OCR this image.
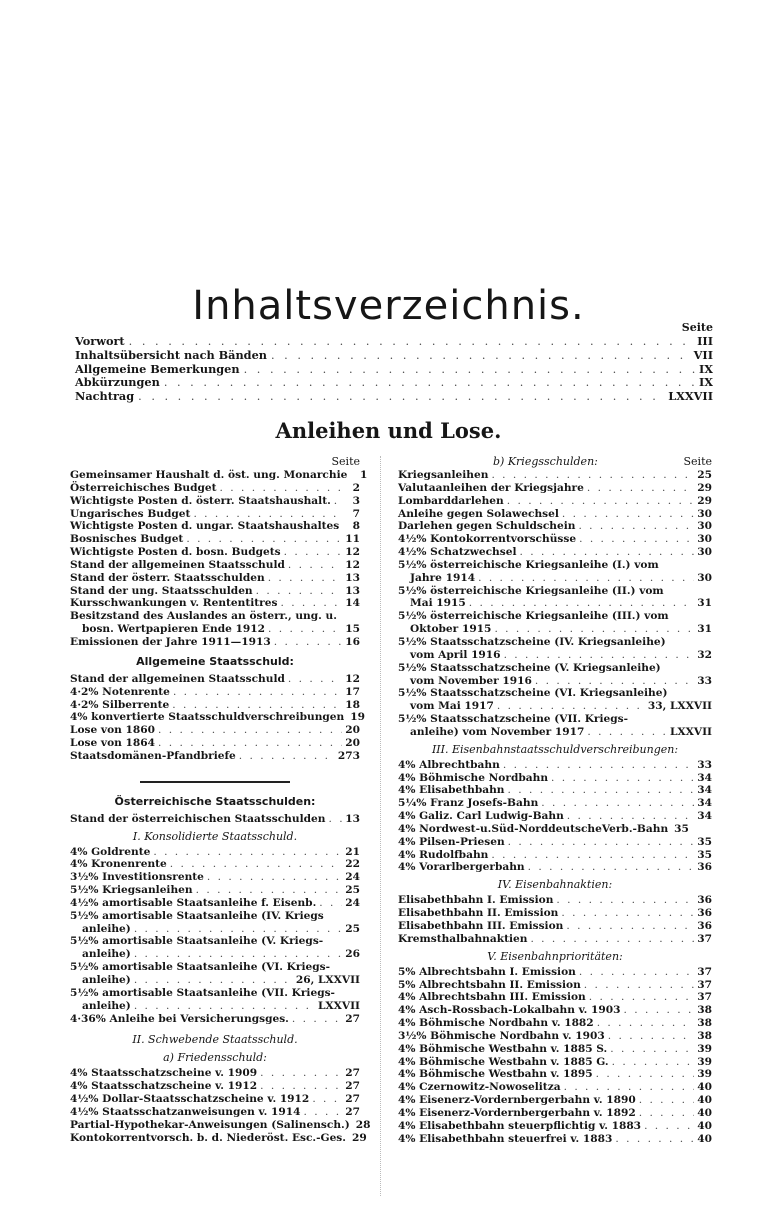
Inhaltsverzeichnis.	Seite
Vorwort . . .	III
Inhaltsübersicht nach Bänden . . .	VII
Allgemeine Bemerkungen . . .	IX
Abkürzungen . . .	IX
Nachtrag . . .	LXXVII
Anleihen und Lose.
Seite
Gemeinsamer Haushalt d. öst. ung. Monarchie	1
Österreichisches Budget . . .	2
Wichtigste Posten d. österr. Staatshaushalt. . . .	3
Ungarisches Budget . . .	7
Wichtigste Posten d. ungar. Staatshaushaltes . . .	8
Bosnisches Budget . . .	11
Wichtigste Posten d. bosn. Budgets . . .	12
Stand der allgemeinen Staatsschuld . . .	12
Stand der österr. Staatsschulden . . .	13
Stand der ung. Staatsschulden . . .	13
Kursschwankungen v. Rententitres . . .	14
Besitzstand des Auslandes an österr., ung. u.
bosn. Wertpapieren Ende 1912 . . .	15
Emissionen der Jahre 1911—1913 . . .	16
Allgemeine Staatsschuld:
Stand der allgemeinen Staatsschuld . . .	12
4·2% Notenrente . . .	17
4·2% Silberrente . . .	18
4% konvertierte Staatsschuldverschreibungen 19
Lose von 1860 . . .	20
Lose von 1864 . . .	20
Staatsdomänen-Pfandbriefe . . .	273
Österreichische Staatsschulden:
Stand der österreichischen Staatsschulden . . . 13
I. Konsolidierte Staatsschuld.
4% Goldrente . . .	21
4% Kronenrente . . .	22
3½% Investitionsrente . . .	24
5½% Kriegsanleihen . . .	25
4½% amortisable Staatsanleihe f. Eisenb. . . .	24
5½% amortisable Staatsanleihe (IV. Kriegs
anleihe) . . .	25
5½% amortisable Staatsanleihe (V. Kriegs-
anleihe) . . .	26
5½% amortisable Staatsanleihe (VI. Kriegs-
anleihe) . . .	26, LXXVII
5½% amortisable Staatsanleihe (VII. Kriegs-
anleihe) . . .	LXXVII
4·36% Anleihe bei Versicherungsges. . . .	27
II. Schwebende Staatsschuld.
a) Friedensschuld:
4% Staatsschatzscheine v. 1909 . . .	27
4% Staatsschatzscheine v. 1912 . . .	27
4½% Dollar-Staatsschatzscheine v. 1912 . . .	27
4½% Staatsschatzanweisungen v. 1914 . . .	27
Partial-Hypothekar-Anweisungen (Salinensch.) 28
Kontokorrentvorsch. b. d. Niederöst. Esc.-Ges. 29
b) Kriegsschulden:	Seite
Kriegsanleihen . . .	25
Valutaanleihen der Kriegsjahre . . .	29
Lombarddarlehen . . .	29
Anleihe gegen Solawechsel . . .	30
Darlehen gegen Schuldschein . . .	30
4½% Kontokorrentvorschüsse . . .	30
4½% Schatzwechsel . . .	30
5½% österreichische Kriegsanleihe (I.) vom
Jahre 1914 . . .	30
5½% österreichische Kriegsanleihe (II.) vom
Mai 1915 . . .	31
5½% österreichische Kriegsanleihe (III.) vom
Oktober 1915 . . .	31
5½% Staatsschatzscheine (IV. Kriegsanleihe)
vom April 1916 . . .	32
5½% Staatsschatzscheine (V. Kriegsanleihe)
vom November 1916 . . .	33
5½% Staatsschatzscheine (VI. Kriegsanleihe)
vom Mai 1917 . . .	33, LXXVII
5½% Staatsschatzscheine (VII. Kriegs-
anleihe) vom November 1917 . . .	LXXVII
III. Eisenbahnstaatsschuldverschreibungen:
4% Albrechtbahn . . .	33
4% Böhmische Nordbahn . . .	34
4% Elisabethbahn . . .	34
5¼% Franz Josefs-Bahn . . .	34
4% Galiz. Carl Ludwig-Bahn . . .	34
4% Nordwest-u.Süd-NorddeutscheVerb.-Bahn 35
4% Pilsen-Priesen . . .	35
4% Rudolfbahn . . .	35
4% Vorarlbergerbahn . . .	36
IV. Eisenbahnaktien:
Elisabethbahn I. Emission . . .	36
Elisabethbahn II. Emission . . .	36
Elisabethbahn III. Emission . . .	36
Kremsthalbahnaktien . . .	37
V. Eisenbahnprioritäten:
5% Albrechtsbahn I. Emission . . .	37
5% Albrechtsbahn II. Emission . . .	37
4% Albrechtsbahn III. Emission . . .	37
4% Asch-Rossbach-Lokalbahn v. 1903 . . .	38
4% Böhmische Nordbahn v. 1882 . . .	38
3½% Böhmische Nordbahn v. 1903 . . .	38
4% Böhmische Westbahn v. 1885 S. . . .	39
4% Böhmische Westbahn v. 1885 G. . . .	39
4% Böhmische Westbahn v. 1895 . . .	39
4% Czernowitz-Nowoselitza . . .	40
4% Eisenerz-Vordernbergerbahn v. 1890 . . .	40
4% Eisenerz-Vordernbergerbahn v. 1892 . . .	40
4% Elisabethbahn steuerpflichtig v. 1883 . . .	40
4% Elisabethbahn steuerfrei v. 1883 . . .	40
